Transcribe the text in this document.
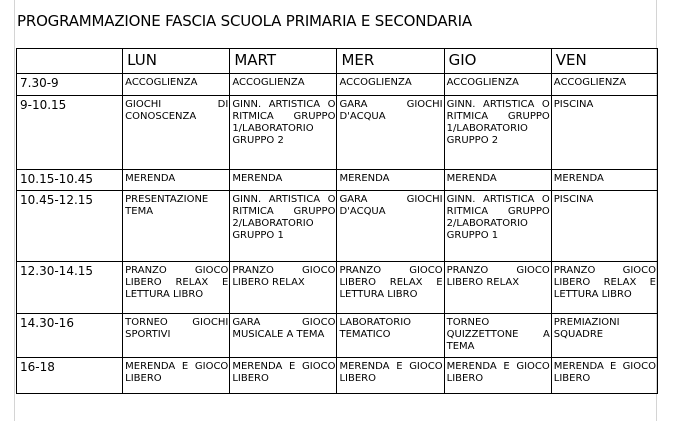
PROGRAMMAZIONE FASCIA SCUOLA PRIMARIA E SECONDARIA
	LUN	MART	MER	GIO	VEN
7.30-9	ACCOGLIENZA	ACCOGLIENZA	ACCOGLIENZA	ACCOGLIENZA	ACCOGLIENZA
9-10.15	GIOCHI DI CONOSCENZA	GINN. ARTISTICA O RITMICA GRUPPO 1/LABORATORIO GRUPPO 2	GARA GIOCHI D'ACQUA	GINN. ARTISTICA O RITMICA GRUPPO 1/LABORATORIO GRUPPO 2	PISCINA
10.15-10.45	MERENDA	MERENDA	MERENDA	MERENDA	MERENDA
10.45-12.15	PRESENTAZIONE TEMA	GINN. ARTISTICA O RITMICA GRUPPO 2/LABORATORIO GRUPPO 1	GARA GIOCHI D'ACQUA	GINN. ARTISTICA O RITMICA GRUPPO 2/LABORATORIO GRUPPO 1	PISCINA
12.30-14.15	PRANZO GIOCO LIBERO RELAX E LETTURA LIBRO	PRANZO GIOCO LIBERO RELAX	PRANZO GIOCO LIBERO RELAX E LETTURA LIBRO	PRANZO GIOCO LIBERO RELAX	PRANZO GIOCO LIBERO RELAX E LETTURA LIBRO
14.30-16	TORNEO GIOCHI SPORTIVI	GARA GIOCO MUSICALE A TEMA	LABORATORIO TEMATICO	TORNEO QUIZZETTONE A TEMA	PREMIAZIONI SQUADRE
16-18	MERENDA E GIOCO LIBERO	MERENDA E GIOCO LIBERO	MERENDA E GIOCO LIBERO	MERENDA E GIOCO LIBERO	MERENDA E GIOCO LIBERO
